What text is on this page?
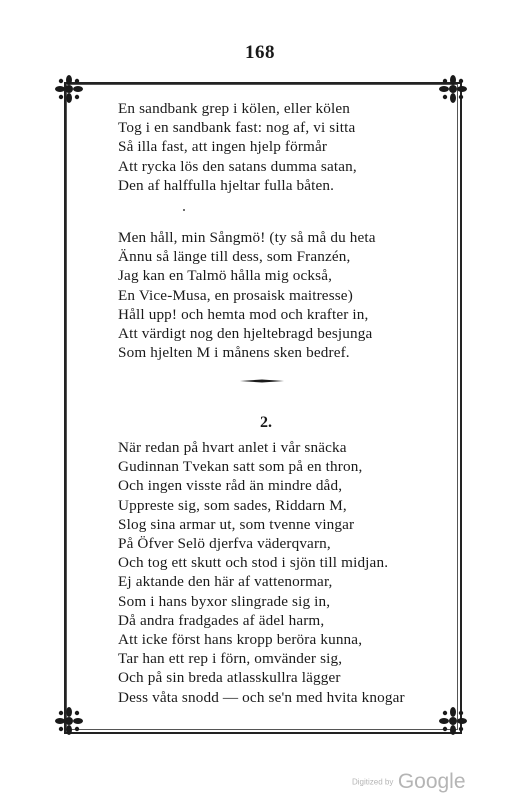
168
En sandbank grep i kölen, eller kölen
Tog i en sandbank fast: nog af, vi sitta
Så illa fast, att ingen hjelp förmår
Att rycka lös den satans dumma satan,
Den af halffulla hjeltar fulla båten.
Men håll, min Sångmö! (ty så må du heta
Ännu så länge till dess, som Franzén,
Jag kan en Talmö hålla mig också,
En Vice-Musa, en prosaisk maitresse)
Håll upp! och hemta mod och krafter in,
Att värdigt nog den hjeltebragd besjunga
Som hjelten M i månens sken bedref.
2.
När redan på hvart anlet i vår snäcka
Gudinnan Tvekan satt som på en thron,
Och ingen visste råd än mindre dåd,
Uppreste sig, som sades, Riddarn M,
Slog sina armar ut, som tvenne vingar
På Öfver Selö djerfva väderqvarn,
Och tog ett skutt och stod i sjön till midjan.
Ej aktande den här af vattenormar,
Som i hans byxor slingrade sig in,
Då andra fradgades af ädel harm,
Att icke först hans kropp beröra kunna,
Tar han ett rep i förn, omvänder sig,
Och på sin breda atlasskullra lägger
Dess våta snodd — och se'n med hvita knogar
Digitized by Google
